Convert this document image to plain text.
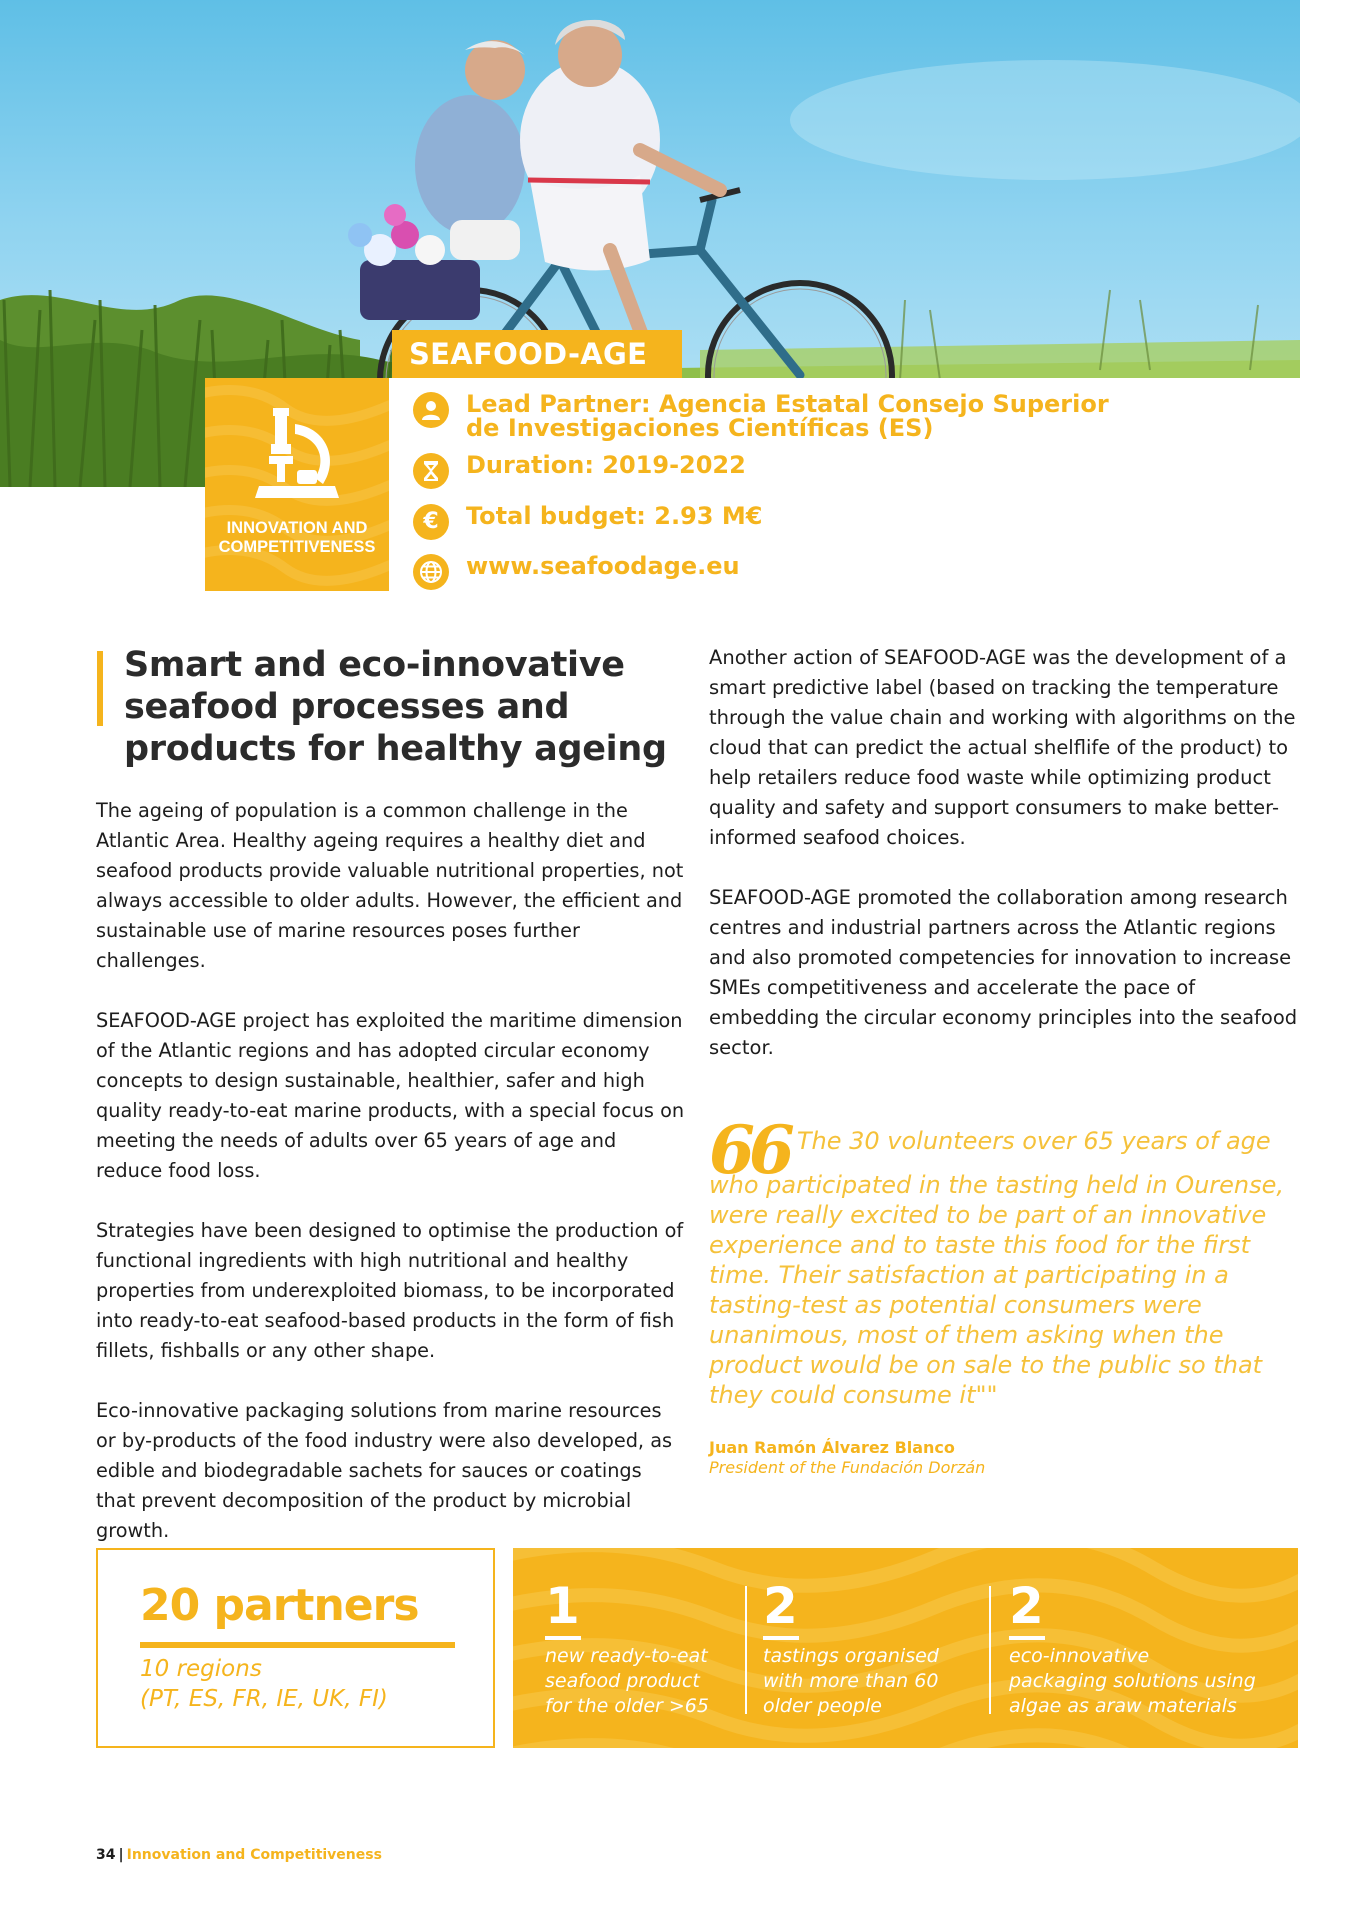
INNOVATION AND
COMPETITIVENESS
SEAFOOD-AGE
Lead Partner: Agencia Estatal Consejo Superior
de Investigaciones Científicas (ES)
Duration: 2019-2022
€ Total budget: 2.93 M€
www.seafoodage.eu
Smart and eco-innovative
seafood processes and
products for healthy ageing

The ageing of population is a common challenge in the Atlantic Area. Healthy ageing requires a healthy diet and seafood products provide valuable nutritional properties, not always accessible to older adults. However, the efficient and sustainable use of marine resources poses further challenges.

SEAFOOD-AGE project has exploited the maritime dimension of the Atlantic regions and has adopted circular economy concepts to design sustainable, healthier, safer and high quality ready-to-eat marine products, with a special focus on meeting the needs of adults over 65 years of age and reduce food loss.

Strategies have been designed to optimise the production of functional ingredients with high nutritional and healthy properties from underexploited biomass, to be incorporated into ready-to-eat seafood-based products in the form of fish fillets, fishballs or any other shape.

Eco-innovative packaging solutions from marine resources or by-products of the food industry were also developed, as edible and biodegradable sachets for sauces or coatings that prevent decomposition of the product by microbial growth.

Another action of SEAFOOD-AGE was the development of a smart predictive label (based on tracking the temperature through the value chain and working with algorithms on the cloud that can predict the actual shelflife of the product) to help retailers reduce food waste while optimizing product quality and safety and support consumers to make better-informed seafood choices.

SEAFOOD-AGE promoted the collaboration among research centres and industrial partners across the Atlantic regions and also promoted competencies for innovation to increase SMEs competitiveness and accelerate the pace of embedding the circular economy principles into the seafood sector.

66 The 30 volunteers over 65 years of age who participated in the tasting held in Ourense, were really excited to be part of an innovative experience and to taste this food for the first time. Their satisfaction at participating in a tasting-test as potential consumers were unanimous, most of them asking when the product would be on sale to the public so that they could consume it""

Juan Ramón Álvarez Blanco
President of the Fundación Dorzán
20 partners
10 regions
(PT, ES, FR, IE, UK, FI)
1
new ready-to-eat
seafood product
for the older >65
2
tastings organised
with more than 60
older people
2
eco-innovative
packaging solutions using
algae as araw materials
34 | Innovation and Competitiveness
